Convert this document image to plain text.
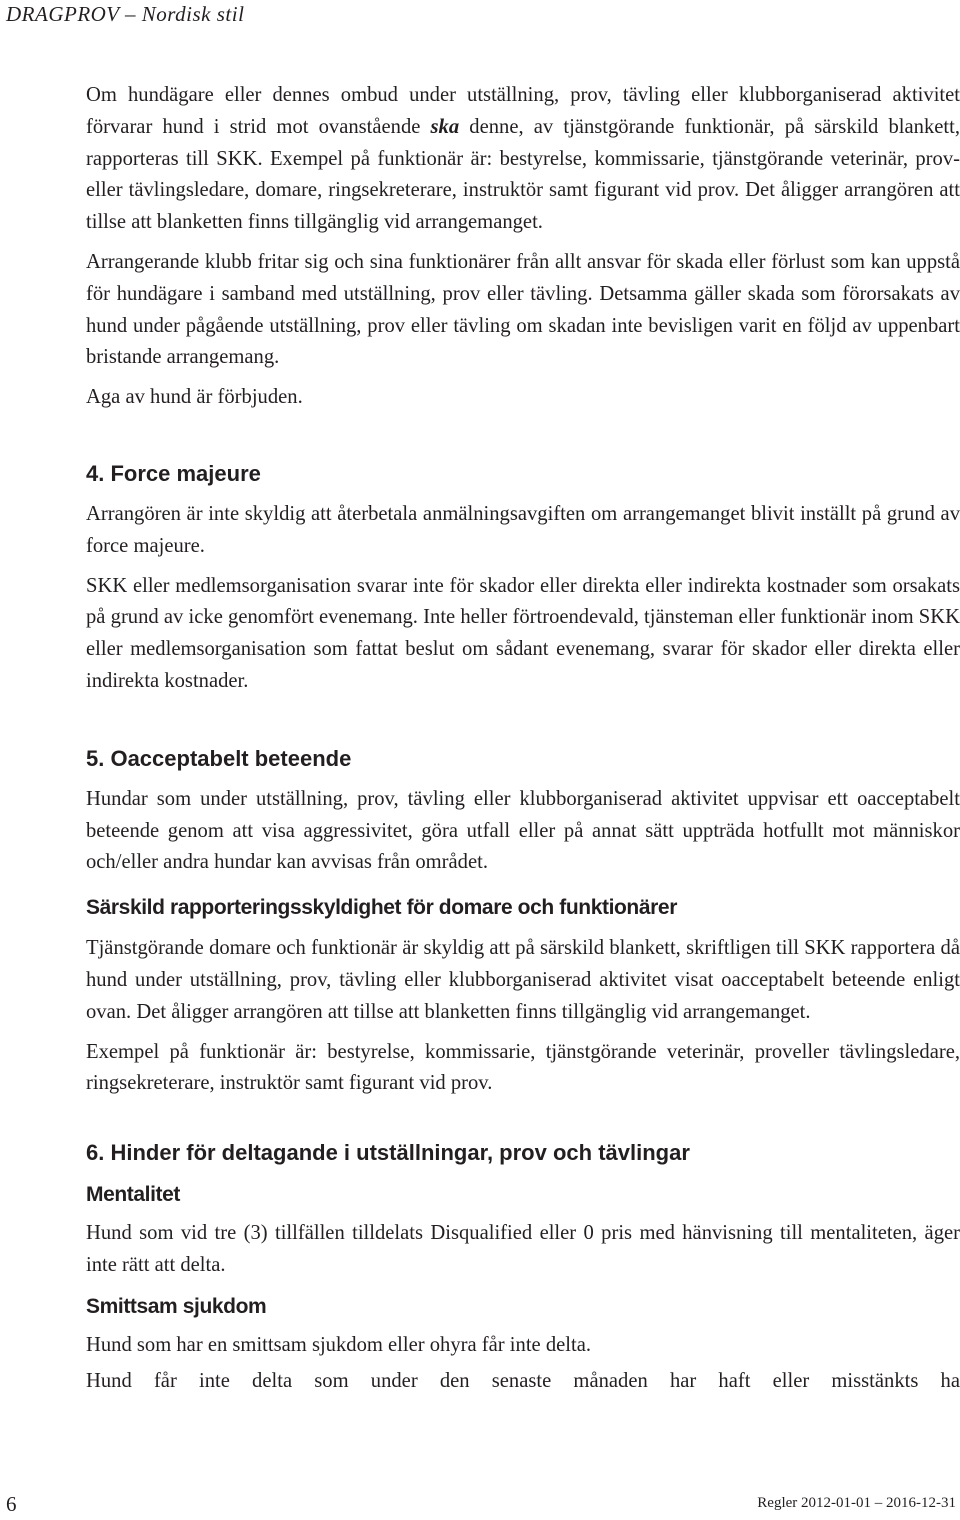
DRAGPROV – Nordisk stil

Om hundägare eller dennes ombud under utställning, prov, tävling eller klubborganiserad aktivitet förvarar hund i strid mot ovanstående ska denne, av tjänstgörande funktionär, på särskild blankett, rapporteras till SKK. Exempel på funktionär är: bestyrelse, kommissarie, tjänstgörande veterinär, prov- eller tävlingsledare, domare, ringsekreterare, instruktör samt figurant vid prov. Det åligger arrangören att tillse att blanketten finns tillgänglig vid arrangemanget.

Arrangerande klubb fritar sig och sina funktionärer från allt ansvar för skada eller förlust som kan uppstå för hundägare i samband med utställning, prov eller tävling. Detsamma gäller skada som förorsakats av hund under pågående utställning, prov eller tävling om skadan inte bevisligen varit en följd av uppenbart bristande arrangemang.

Aga av hund är förbjuden.

4. Force majeure

Arrangören är inte skyldig att återbetala anmälningsavgiften om arrangemanget blivit inställt på grund av force majeure.

SKK eller medlemsorganisation svarar inte för skador eller direkta eller indirekta kostnader som orsakats på grund av icke genomfört evenemang. Inte heller förtroendevald, tjänsteman eller funktionär inom SKK eller medlemsorganisation som fattat beslut om sådant evenemang, svarar för skador eller direkta eller indirekta kostnader.

5. Oacceptabelt beteende

Hundar som under utställning, prov, tävling eller klubborganiserad aktivitet uppvisar ett oacceptabelt beteende genom att visa aggressivitet, göra utfall eller på annat sätt uppträda hotfullt mot människor och/eller andra hundar kan avvisas från området.

Särskild rapporteringsskyldighet för domare och funktionärer

Tjänstgörande domare och funktionär är skyldig att på särskild blankett, skriftligen till SKK rapportera då hund under utställning, prov, tävling eller klubborganiserad aktivitet visat oacceptabelt beteende enligt ovan. Det åligger arrangören att tillse att blanketten finns tillgänglig vid arrangemanget.

Exempel på funktionär är: bestyrelse, kommissarie, tjänstgörande veterinär, proveller tävlingsledare, ringsekreterare, instruktör samt figurant vid prov.

6. Hinder för deltagande i utställningar, prov och tävlingar
Mentalitet

Hund som vid tre (3) tillfällen tilldelats Disqualified eller 0 pris med hänvisning till mentaliteten, äger inte rätt att delta.

Smittsam sjukdom

Hund som har en smittsam sjukdom eller ohyra får inte delta.

Hund får inte delta som under den senaste månaden har haft eller misstänkts ha

6	Regler 2012-01-01 – 2016-12-31
